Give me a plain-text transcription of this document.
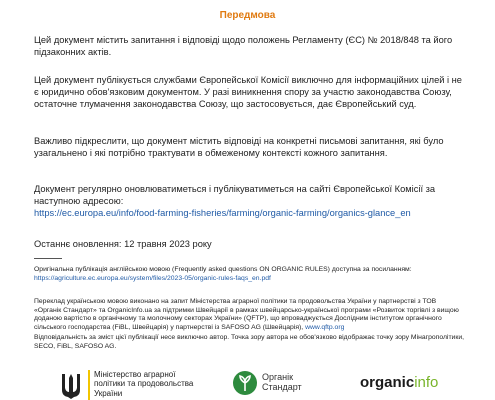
Передмова
Цей документ містить запитання і відповіді щодо положень Регламенту (ЄС) № 2018/848 та його підзаконних актів.
Цей документ публікується службами Європейської Комісії виключно для інформаційних цілей і не є юридично обов'язковим документом. У разі виникнення спору за участю законодавства Союзу, остаточне тлумачення законодавства Союзу, що застосовується, дає Європейський суд.
Важливо підкреслити, що документ містить відповіді на конкретні письмові запитання, які було узагальнено і які потрібно трактувати в обмеженому контексті кожного запитання.
Документ регулярно оновлюватиметься і публікуватиметься на сайті Європейської Комісії за наступною адресою:
https://ec.europa.eu/info/food-farming-fisheries/farming/organic-farming/organics-glance_en
Останнє оновлення: 12 травня 2023 року
Оригінальна публікація англійською мовою (Frequently asked questions ON ORGANIC RULES) доступна за посиланням:
https://agriculture.ec.europa.eu/system/files/2023-05/organic-rules-faqs_en.pdf
Переклад українською мовою виконано на запит Міністерства аграрної політики та продовольства України у партнерстві з ТОВ «Органік Стандарт» та OrganicInfo.ua за підтримки Швейцарії в рамках швейцарсько-української програми «Розвиток торгівлі з вищою доданою вартістю в органічному та молочному секторах України» (QFTP), що впроваджується Дослідним інститутом органічного сільського господарства (FiBL, Швейцарія) у партнерстві із SAFOSO AG (Швейцарія), www.qftp.org
Відповідальність за зміст цієї публікації несе виключно автор. Точка зору автора не обов'язково відображає точку зору Мінагрополітики, SECO, FiBL, SAFOSO AG.
Міністерство аграрної політики та продовольства України
Органік Стандарт	organicinfo
